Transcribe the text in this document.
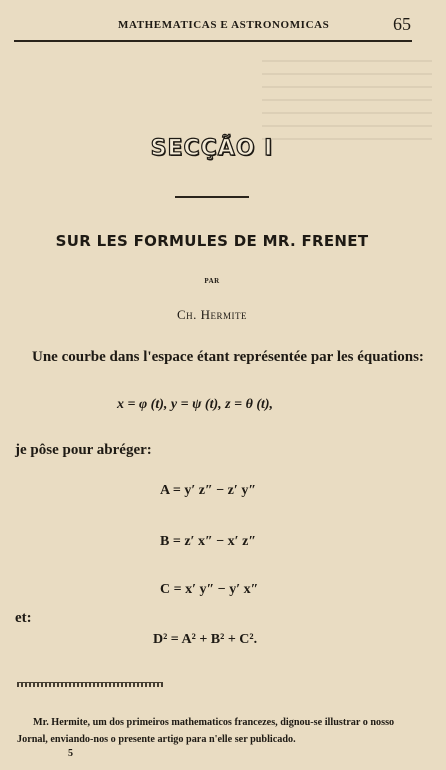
MATHEMATICAS E ASTRONOMICAS	65
SECÇÃO I
SUR LES FORMULES DE MR. FRENET
PAR
Ch. Hermite
Une courbe dans l'espace étant représentée par les équations:
x = φ (t), y = ψ (t), z = θ (t),
je pôse pour abréger:
A = y′ z″ − z′ y″
B = z′ x″ − x′ z″
C = x′ y″ − y′ x″
et:
D² = A² + B² + C².
Mr. Hermite, um dos primeiros mathematicos francezes, dignou-se illustrar o nosso Jornal, enviando-nos o presente artigo para n'elle ser publicado.
5
